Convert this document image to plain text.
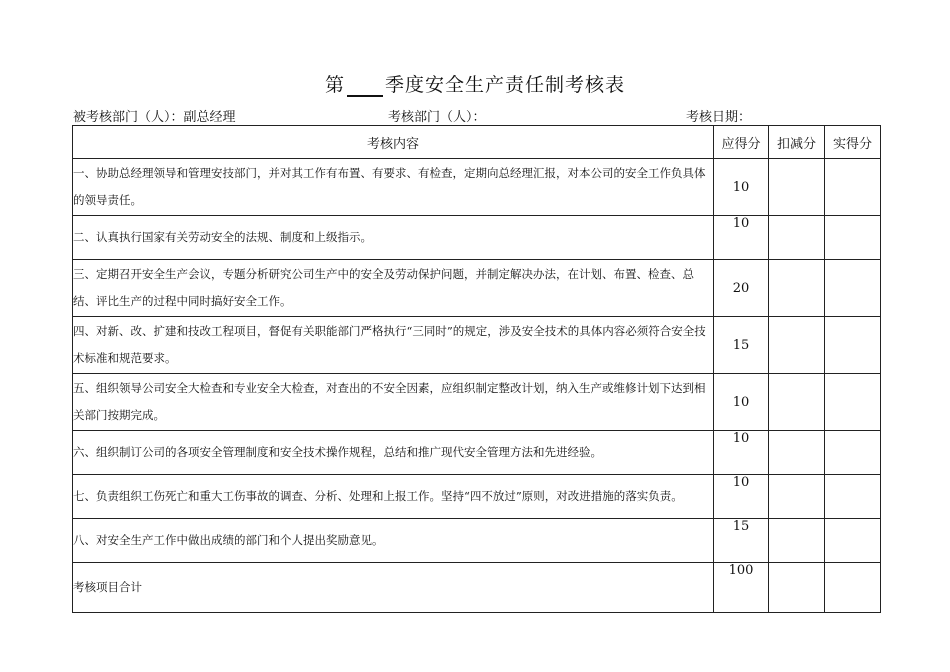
第 季度安全生产责任制考核表
被考核部门（人）：副总经理	考核部门（人）：	考核日期：
考核内容	应得分	扣减分	实得分
一、协助总经理领导和管理安技部门，并对其工作有布置、有要求、有检查，定期向总经理汇报，对本公司的安全工作负具体的领导责任。	10		
二、认真执行国家有关劳动安全的法规、制度和上级指示。	10		
三、定期召开安全生产会议，专题分析研究公司生产中的安全及劳动保护问题，并制定解决办法，在计划、布置、检查、总结、评比生产的过程中同时搞好安全工作。	20		
四、对新、改、扩建和技改工程项目，督促有关职能部门严格执行“三同时”的规定，涉及安全技术的具体内容必须符合安全技术标准和规范要求。	15		
五、组织领导公司安全大检查和专业安全大检查，对查出的不安全因素，应组织制定整改计划，纳入生产或维修计划下达到相关部门按期完成。	10		
六、组织制订公司的各项安全管理制度和安全技术操作规程，总结和推广现代安全管理方法和先进经验。	10		
七、负责组织工伤死亡和重大工伤事故的调查、分析、处理和上报工作。坚持“四不放过”原则，对改进措施的落实负责。	10		
八、对安全生产工作中做出成绩的部门和个人提出奖励意见。	15		
考核项目合计	100		
